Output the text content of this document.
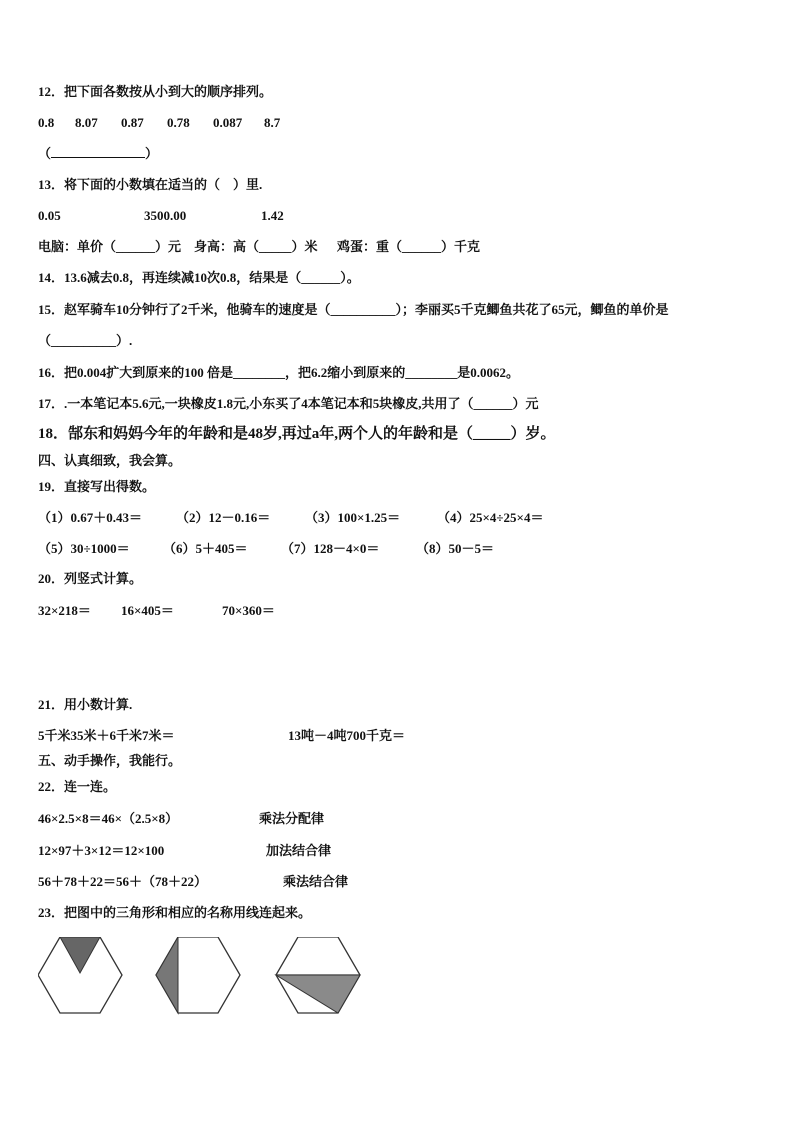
12．把下面各数按从小到大的顺序排列。
0.8 8.07 0.87 0.78 0.087 8.7
（	）
13．将下面的小数填在适当的（    ）里.
0.05	3500.00	1.42
电脑：单价（______）元    身高：高（_____）米      鸡蛋：重（______）千克
14．13.6减去0.8，再连续减10次0.8，结果是（______）。
15．赵军骑车10分钟行了2千米，他骑车的速度是（__________）；李丽买5千克鲫鱼共花了65元，鲫鱼的单价是
（__________）.
16．把0.004扩大到原来的100 倍是________，把6.2缩小到原来的________是0.0062。
17．.一本笔记本5.6元,一块橡皮1.8元,小东买了4本笔记本和5块橡皮,共用了（______）元
18．郜东和妈妈今年的年龄和是48岁,再过a年,两个人的年龄和是（_____）岁。
四、认真细致，我会算。
19．直接写出得数。
（1）0.67＋0.43＝	（2）12－0.16＝	（3）100×1.25＝	（4）25×4÷25×4＝
（5）30÷1000＝	（6）5＋405＝	（7）128－4×0＝	（8）50－5＝
20．列竖式计算。
32×218＝ 16×405＝	70×360＝
21．用小数计算.
5千米35米＋6千米7米＝	13吨－4吨700千克＝
五、动手操作，我能行。
22．连一连。
46×2.5×8＝46×（2.5×8）	乘法分配律
12×97＋3×12＝12×100	加法结合律
56＋78＋22＝56＋（78＋22）	乘法结合律
23．把图中的三角形和相应的名称用线连起来。
